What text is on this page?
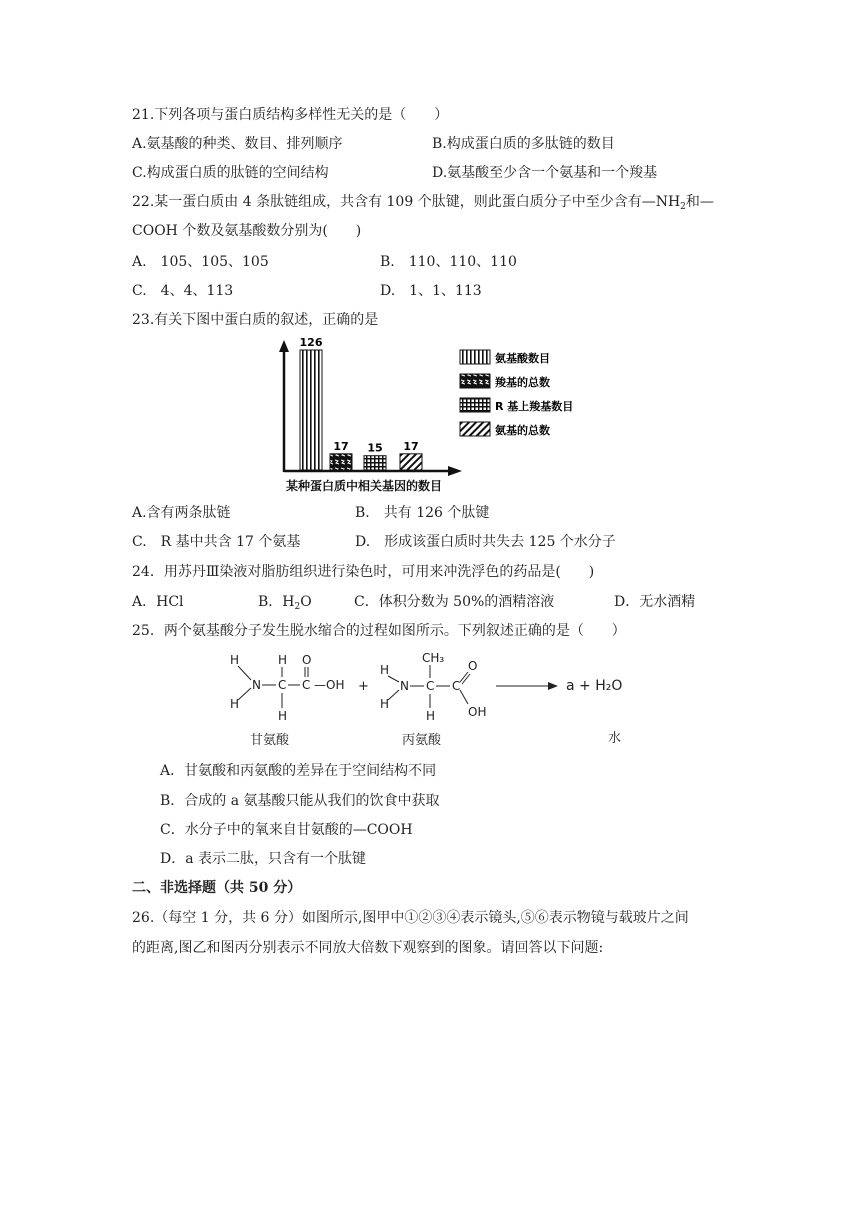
21.下列各项与蛋白质结构多样性无关的是（　　）
A.氨基酸的种类、数目、排列顺序	B.构成蛋白质的多肽链的数目
C.构成蛋白质的肽链的空间结构	D.氨基酸至少含一个氨基和一个羧基
22.某一蛋白质由 4 条肽链组成，共含有 109 个肽键，则此蛋白质分子中至少含有$—NH_2$和—
COOH 个数及氨基酸数分别为(　　)
A.　105、105、105	B.　110、110、110
C.　4、4、113	D.　1、1、113
23.有关下图中蛋白质的叙述，正确的是
126
17 15 17
氨基酸数目
羧基的总数
R 基上羧基数目
氨基的总数
某种蛋白质中相关基因的数目
A.含有两条肽链	B.　共有 126 个肽键
C.　R 基中共含 17 个氨基	D.　形成该蛋白质时共失去 125 个水分子
24．用苏丹Ⅲ染液对脂肪组织进行染色时，可用来冲洗浮色的药品是(　　)
A．HCl	B．$H_2O$	C．体积分数为 50%的酒精溶液	D．无水酒精
25．两个氨基酸分子发生脱水缩合的过程如图所示。下列叙述正确的是（　　）
H
H
N
H
C
H
O
C —OH +
H
H
N
CH₃
C
H
O
C
OH
a + H₂O
甘氨酸	丙氨酸	水
A．甘氨酸和丙氨酸的差异在于空间结构不同
B．合成的 a 氨基酸只能从我们的饮食中获取
C．水分子中的氧来自甘氨酸的—COOH
D．a 表示二肽，只含有一个肽键
二、非选择题（共 50 分）
26.（每空 1 分，共 6 分）如图所示,图甲中①②③④表示镜头,⑤⑥表示物镜与载玻片之间
的距离,图乙和图丙分别表示不同放大倍数下观察到的图象。请回答以下问题:
